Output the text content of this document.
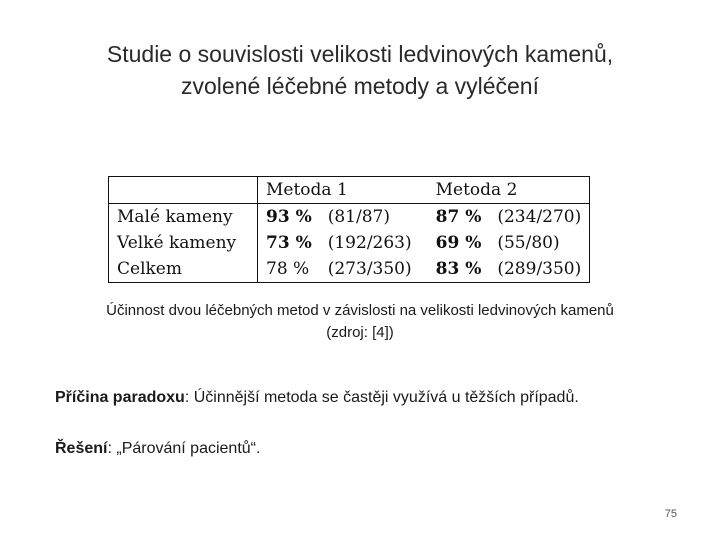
Studie o souvislosti velikosti ledvinových kamenů,
zvolené léčebné metody a vyléčení
	Metoda 1		Metoda 2	
Malé kameny	93 %	(81/87)	87 %	(234/270)
Velké kameny	73 %	(192/263)	69 %	(55/80)
Celkem	78 %	(273/350)	83 %	(289/350)
Účinnost dvou léčebných metod v závislosti na velikosti ledvinových kamenů
(zdroj: [4])
Příčina paradoxu: Účinnější metoda se častěji využívá u těžších případů.
Řešení: „Párování pacientů“.
75
